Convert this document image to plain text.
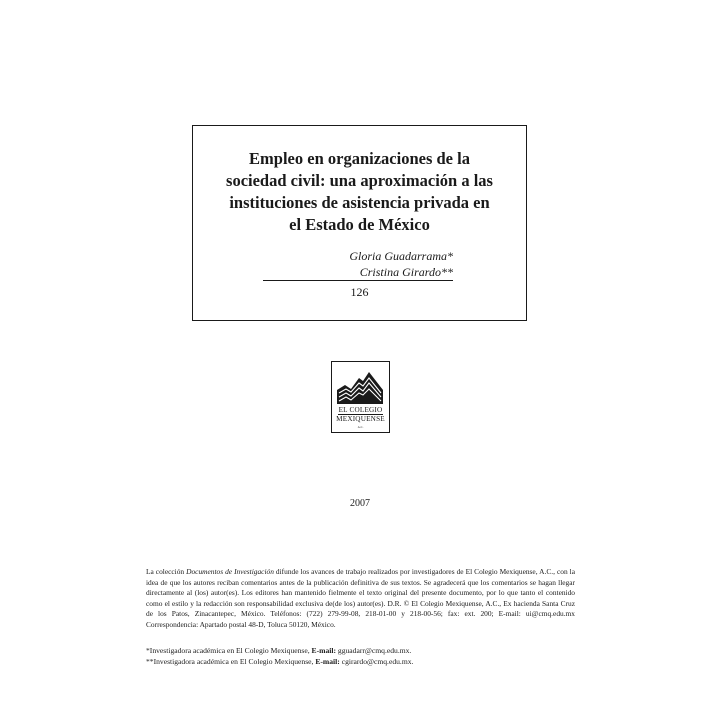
Empleo en organizaciones de la
sociedad civil: una aproximación a las
instituciones de asistencia privada en
el Estado de México
Gloria Guadarrama*
Cristina Girardo**
126
EL COLEGIO
MEXIQUENSE
A.C.
2007
La colección Documentos de Investigación difunde los avances de trabajo realizados por investigadores de El Colegio Mexiquense, A.C., con la idea de que los autores reciban comentarios antes de la publicación definitiva de sus textos. Se agradecerá que los comentarios se hagan llegar directamente al (los) autor(es). Los editores han mantenido fielmente el texto original del presente documento, por lo que tanto el contenido como el estilo y la redacción son responsabilidad exclusiva de(de los) autor(es). D.R. © El Colegio Mexiquense, A.C., Ex hacienda Santa Cruz de los Patos, Zinacantepec, México. Teléfonos: (722) 279-99-08, 218-01-00 y 218-00-56; fax: ext. 200; E-mail: ui@cmq.edu.mx Correspondencia: Apartado postal 48-D, Toluca 50120, México.
*Investigadora académica en El Colegio Mexiquense, E-mail: gguadarr@cmq.edu.mx.
**Investigadora académica en El Colegio Mexiquense, E-mail: cgirardo@cmq.edu.mx.
